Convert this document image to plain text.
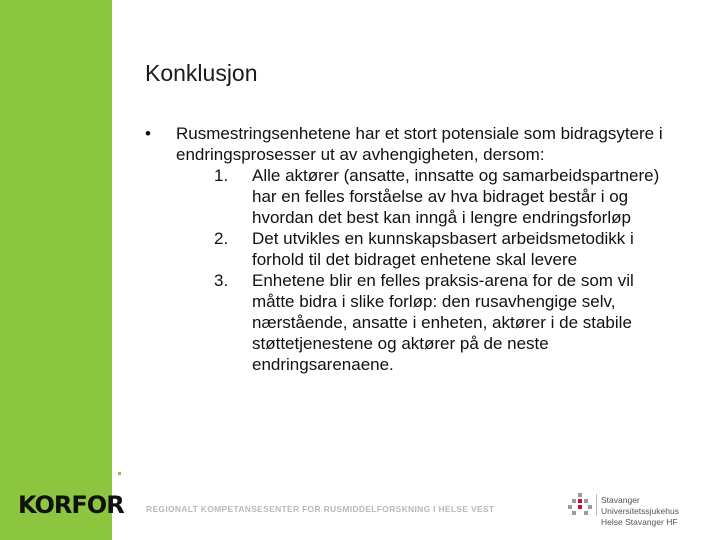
Konklusjon
• Rusmestringsenhetene har et stort potensiale som bidragsytere i endringsprosesser ut av avhengigheten, dersom:
1 . Alle aktører (ansatte, innsatte og samarbeidspartnere) har en felles forståelse av hva bidraget består i og hvordan det best kan inngå i lengre endringsforløp
2 . Det utvikles en kunnskapsbasert arbeidsmetodikk i forhold til det bidraget enhetene skal levere
3 . Enhetene blir en felles praksis-arena for de som vil måtte bidra i slike forløp: den rusavhengige selv, nærstående, ansatte i enheten, aktører i de stabile støttetjenestene og aktører på de neste endringsarenaene.
KORFOR	REGIONALT KOMPETANSESENTER FOR RUSMIDDELFORSKNING I HELSE VEST
Stavanger Universitetssjukehus
Helse Stavanger HF
